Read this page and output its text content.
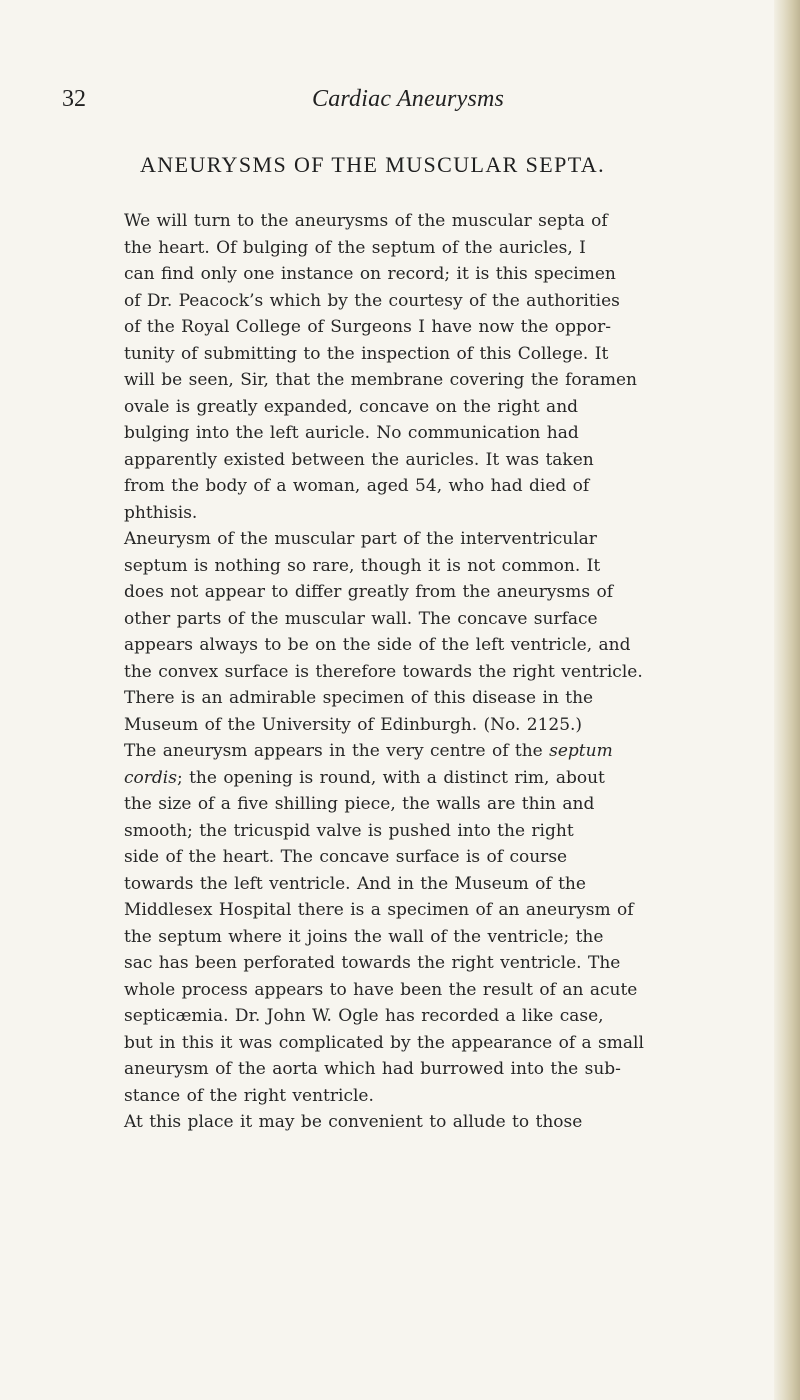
32	Cardiac Aneurysms
ANEURYSMS OF THE MUSCULAR SEPTA.
We will turn to the aneurysms of the muscular septa of
the heart. Of bulging of the septum of the auricles, I
can find only one instance on record; it is this specimen
of Dr. Peacock’s which by the courtesy of the authorities
of the Royal College of Surgeons I have now the oppor-
tunity of submitting to the inspection of this College. It
will be seen, Sir, that the membrane covering the foramen
ovale is greatly expanded, concave on the right and
bulging into the left auricle. No communication had
apparently existed between the auricles. It was taken
from the body of a woman, aged 54, who had died of
phthisis.
Aneurysm of the muscular part of the interventricular
septum is nothing so rare, though it is not common. It
does not appear to differ greatly from the aneurysms of
other parts of the muscular wall. The concave surface
appears always to be on the side of the left ventricle, and
the convex surface is therefore towards the right ventricle.
There is an admirable specimen of this disease in the
Museum of the University of Edinburgh. (No. 2125.)
The aneurysm appears in the very centre of the septum
cordis; the opening is round, with a distinct rim, about
the size of a five shilling piece, the walls are thin and
smooth; the tricuspid valve is pushed into the right
side of the heart. The concave surface is of course
towards the left ventricle. And in the Museum of the
Middlesex Hospital there is a specimen of an aneurysm of
the septum where it joins the wall of the ventricle; the
sac has been perforated towards the right ventricle. The
whole process appears to have been the result of an acute
septicæmia. Dr. John W. Ogle has recorded a like case,
but in this it was complicated by the appearance of a small
aneurysm of the aorta which had burrowed into the sub-
stance of the right ventricle.
At this place it may be convenient to allude to those
